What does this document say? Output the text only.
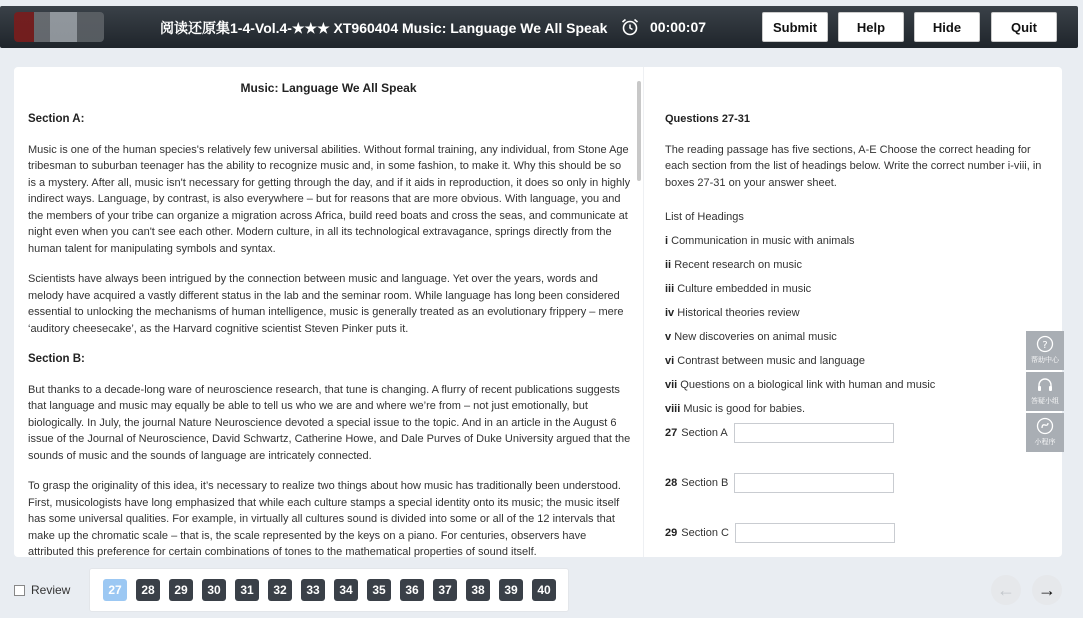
阅读还原集1-4-Vol.4-★★★ XT960404 Music: Language We All Speak	00:00:07	Submit	Help	Hide	Quit
Music: Language We All Speak
Section A:

Music is one of the human species's relatively few universal abilities. Without formal training, any individual, from Stone Age tribesman to suburban teenager has the ability to recognize music and, in some fashion, to make it. Why this should be so is a mystery. After all, music isn't necessary for getting through the day, and if it aids in reproduction, it does so only in highly indirect ways. Language, by contrast, is also everywhere – but for reasons that are more obvious. With language, you and the members of your tribe can organize a migration across Africa, build reed boats and cross the seas, and communicate at night even when you can't see each other. Modern culture, in all its technological extravagance, springs directly from the human talent for manipulating symbols and syntax.

Scientists have always been intrigued by the connection between music and language. Yet over the years, words and melody have acquired a vastly different status in the lab and the seminar room. While language has long been considered essential to unlocking the mechanisms of human intelligence, music is generally treated as an evolutionary frippery – mere ‘auditory cheesecake’, as the Harvard cognitive scientist Steven Pinker puts it.

Section B:

But thanks to a decade-long ware of neuroscience research, that tune is changing. A flurry of recent publications suggests that language and music may equally be able to tell us who we are and where we’re from – not just emotionally, but biologically. In July, the journal Nature Neuroscience devoted a special issue to the topic. And in an article in the August 6 issue of the Journal of Neuroscience, David Schwartz, Catherine Howe, and Dale Purves of Duke University argued that the sounds of music and the sounds of language are intricately connected.

To grasp the originality of this idea, it’s necessary to realize two things about how music has traditionally been understood. First, musicologists have long emphasized that while each culture stamps a special identity onto its music; the music itself has some universal qualities. For example, in virtually all cultures sound is divided into some or all of the 12 intervals that make up the chromatic scale – that is, the scale represented by the keys on a piano. For centuries, observers have attributed this preference for certain combinations of tones to the mathematical properties of sound itself.

Questions 27-31
The reading passage has five sections, A-E Choose the correct heading for each section from the list of headings below. Write the correct number i-viii, in boxes 27-31 on your answer sheet.
List of Headings
i Communication in music with animals
ii Recent research on music
iii Culture embedded in music
iv Historical theories review
v New discoveries on animal music
vi Contrast between music and language
vii Questions on a biological link with human and music
viii Music is good for babies.
27 Section A
28 Section B
29 Section C
?
帮助中心
答疑小组
小程序
Review	27	28	29	30	31	32	33	34	35	36	37	38	39	40	←	→
